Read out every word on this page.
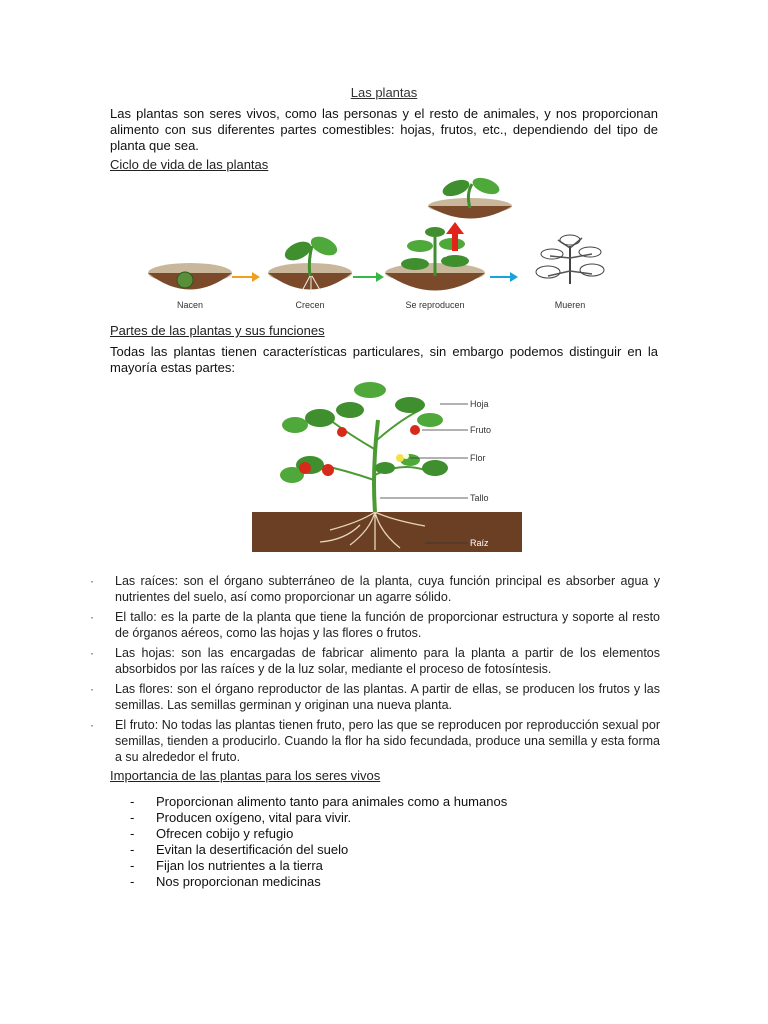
Las plantas
Las plantas son seres vivos, como las personas y el resto de animales, y nos proporcionan alimento con sus diferentes partes comestibles: hojas, frutos, etc., dependiendo del tipo de planta que sea.
Ciclo de vida de las plantas
Nacen	Crecen	Se reproducen	Mueren
Partes de las plantas y sus funciones
Todas las plantas tienen características particulares, sin embargo podemos distinguir en la mayoría estas partes:
Hoja
Fruto
Flor
Tallo
Raíz
·	Las raíces: son el órgano subterráneo de la planta, cuya función principal es absorber agua y nutrientes del suelo, así como proporcionar un agarre sólido.
·	El tallo: es la parte de la planta que tiene la función de proporcionar estructura y soporte al resto de órganos aéreos, como las hojas y las flores o frutos.
·	Las hojas: son las encargadas de fabricar alimento para la planta a partir de los elementos absorbidos por las raíces y de la luz solar, mediante el proceso de fotosíntesis.
·	Las flores: son el órgano reproductor de las plantas. A partir de ellas, se producen los frutos y las semillas. Las semillas germinan y originan una nueva planta.
·	El fruto: No todas las plantas tienen fruto, pero las que se reproducen por reproducción sexual por semillas, tienden a producirlo. Cuando la flor ha sido fecundada, produce una semilla y esta forma a su alrededor el fruto.
Importancia de las plantas para los seres vivos
-	Proporcionan alimento tanto para animales como a humanos
-	Producen oxígeno, vital para vivir.
-	Ofrecen cobijo y refugio
-	Evitan la desertificación del suelo
-	Fijan los nutrientes a la tierra
-	Nos proporcionan medicinas
